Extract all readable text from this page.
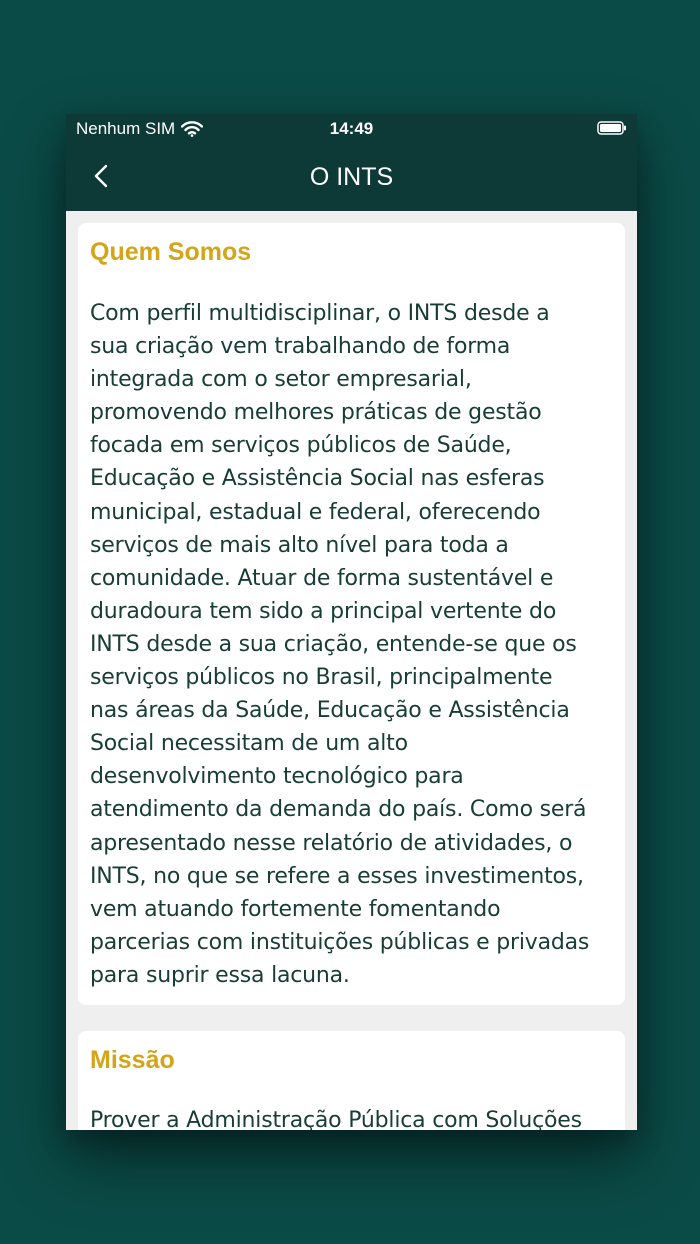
Nenhum SIM	14:49
O INTS
Quem Somos
Com perfil multidisciplinar, o INTS desde a
sua criação vem trabalhando de forma
integrada com o setor empresarial,
promovendo melhores práticas de gestão
focada em serviços públicos de Saúde,
Educação e Assistência Social nas esferas
municipal, estadual e federal, oferecendo
serviços de mais alto nível para toda a
comunidade. Atuar de forma sustentável e
duradoura tem sido a principal vertente do
INTS desde a sua criação, entende-se que os
serviços públicos no Brasil, principalmente
nas áreas da Saúde, Educação e Assistência
Social necessitam de um alto
desenvolvimento tecnológico para
atendimento da demanda do país. Como será
apresentado nesse relatório de atividades, o
INTS, no que se refere a esses investimentos,
vem atuando fortemente fomentando
parcerias com instituições públicas e privadas
para suprir essa lacuna.
Missão
Prover a Administração Pública com Soluções
